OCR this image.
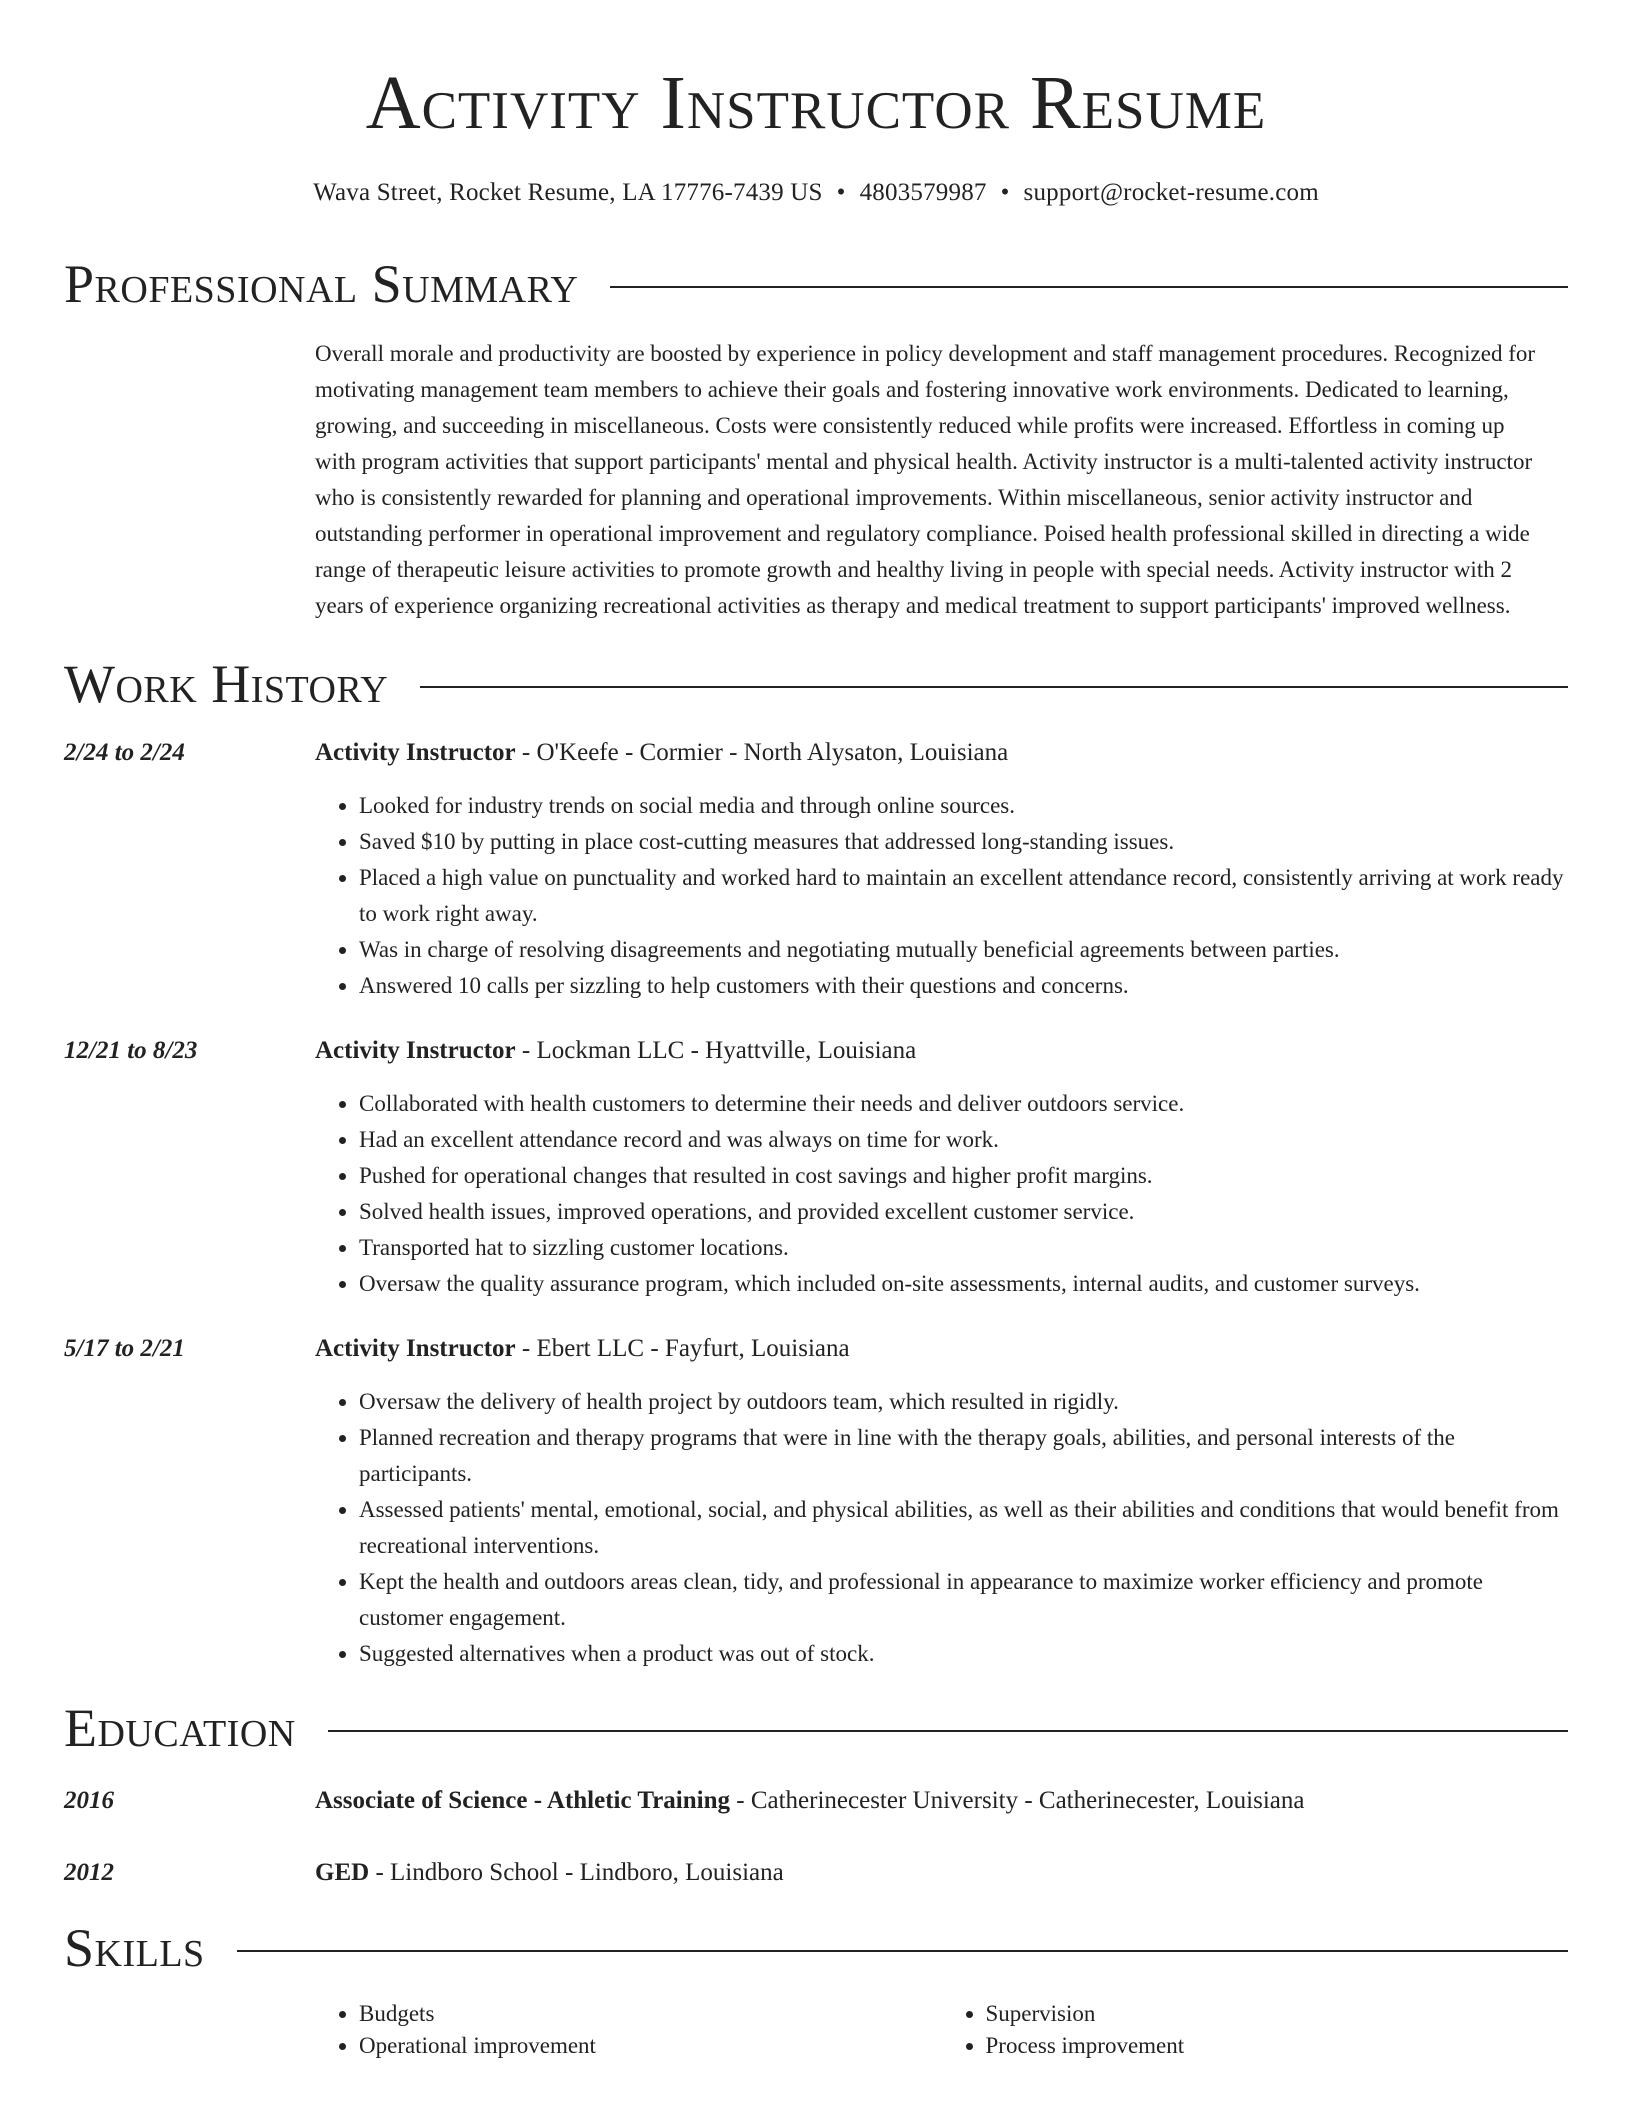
Activity Instructor Resume
Wava Street, Rocket Resume, LA 17776-7439 US • 4803579987 • support@rocket-resume.com
Professional Summary
Overall morale and productivity are boosted by experience in policy development and staff management procedures. Recognized for motivating management team members to achieve their goals and fostering innovative work environments. Dedicated to learning, growing, and succeeding in miscellaneous. Costs were consistently reduced while profits were increased. Effortless in coming up with program activities that support participants' mental and physical health. Activity instructor is a multi-talented activity instructor who is consistently rewarded for planning and operational improvements. Within miscellaneous, senior activity instructor and outstanding performer in operational improvement and regulatory compliance. Poised health professional skilled in directing a wide range of therapeutic leisure activities to promote growth and healthy living in people with special needs. Activity instructor with 2 years of experience organizing recreational activities as therapy and medical treatment to support participants' improved wellness.
Work History
2/24 to 2/24	Activity Instructor - O'Keefe - Cormier - North Alysaton, Louisiana
• Looked for industry trends on social media and through online sources.
• Saved $10 by putting in place cost-cutting measures that addressed long-standing issues.
• Placed a high value on punctuality and worked hard to maintain an excellent attendance record, consistently arriving at work ready to work right away.
• Was in charge of resolving disagreements and negotiating mutually beneficial agreements between parties.
• Answered 10 calls per sizzling to help customers with their questions and concerns.
12/21 to 8/23	Activity Instructor - Lockman LLC - Hyattville, Louisiana
• Collaborated with health customers to determine their needs and deliver outdoors service.
• Had an excellent attendance record and was always on time for work.
• Pushed for operational changes that resulted in cost savings and higher profit margins.
• Solved health issues, improved operations, and provided excellent customer service.
• Transported hat to sizzling customer locations.
• Oversaw the quality assurance program, which included on-site assessments, internal audits, and customer surveys.
5/17 to 2/21	Activity Instructor - Ebert LLC - Fayfurt, Louisiana
• Oversaw the delivery of health project by outdoors team, which resulted in rigidly.
• Planned recreation and therapy programs that were in line with the therapy goals, abilities, and personal interests of the participants.
• Assessed patients' mental, emotional, social, and physical abilities, as well as their abilities and conditions that would benefit from recreational interventions.
• Kept the health and outdoors areas clean, tidy, and professional in appearance to maximize worker efficiency and promote customer engagement.
• Suggested alternatives when a product was out of stock.
Education
2016	Associate of Science - Athletic Training - Catherinecester University - Catherinecester, Louisiana
2012	GED - Lindboro School - Lindboro, Louisiana
Skills
• Budgets
• Operational improvement
• Supervision
• Process improvement
